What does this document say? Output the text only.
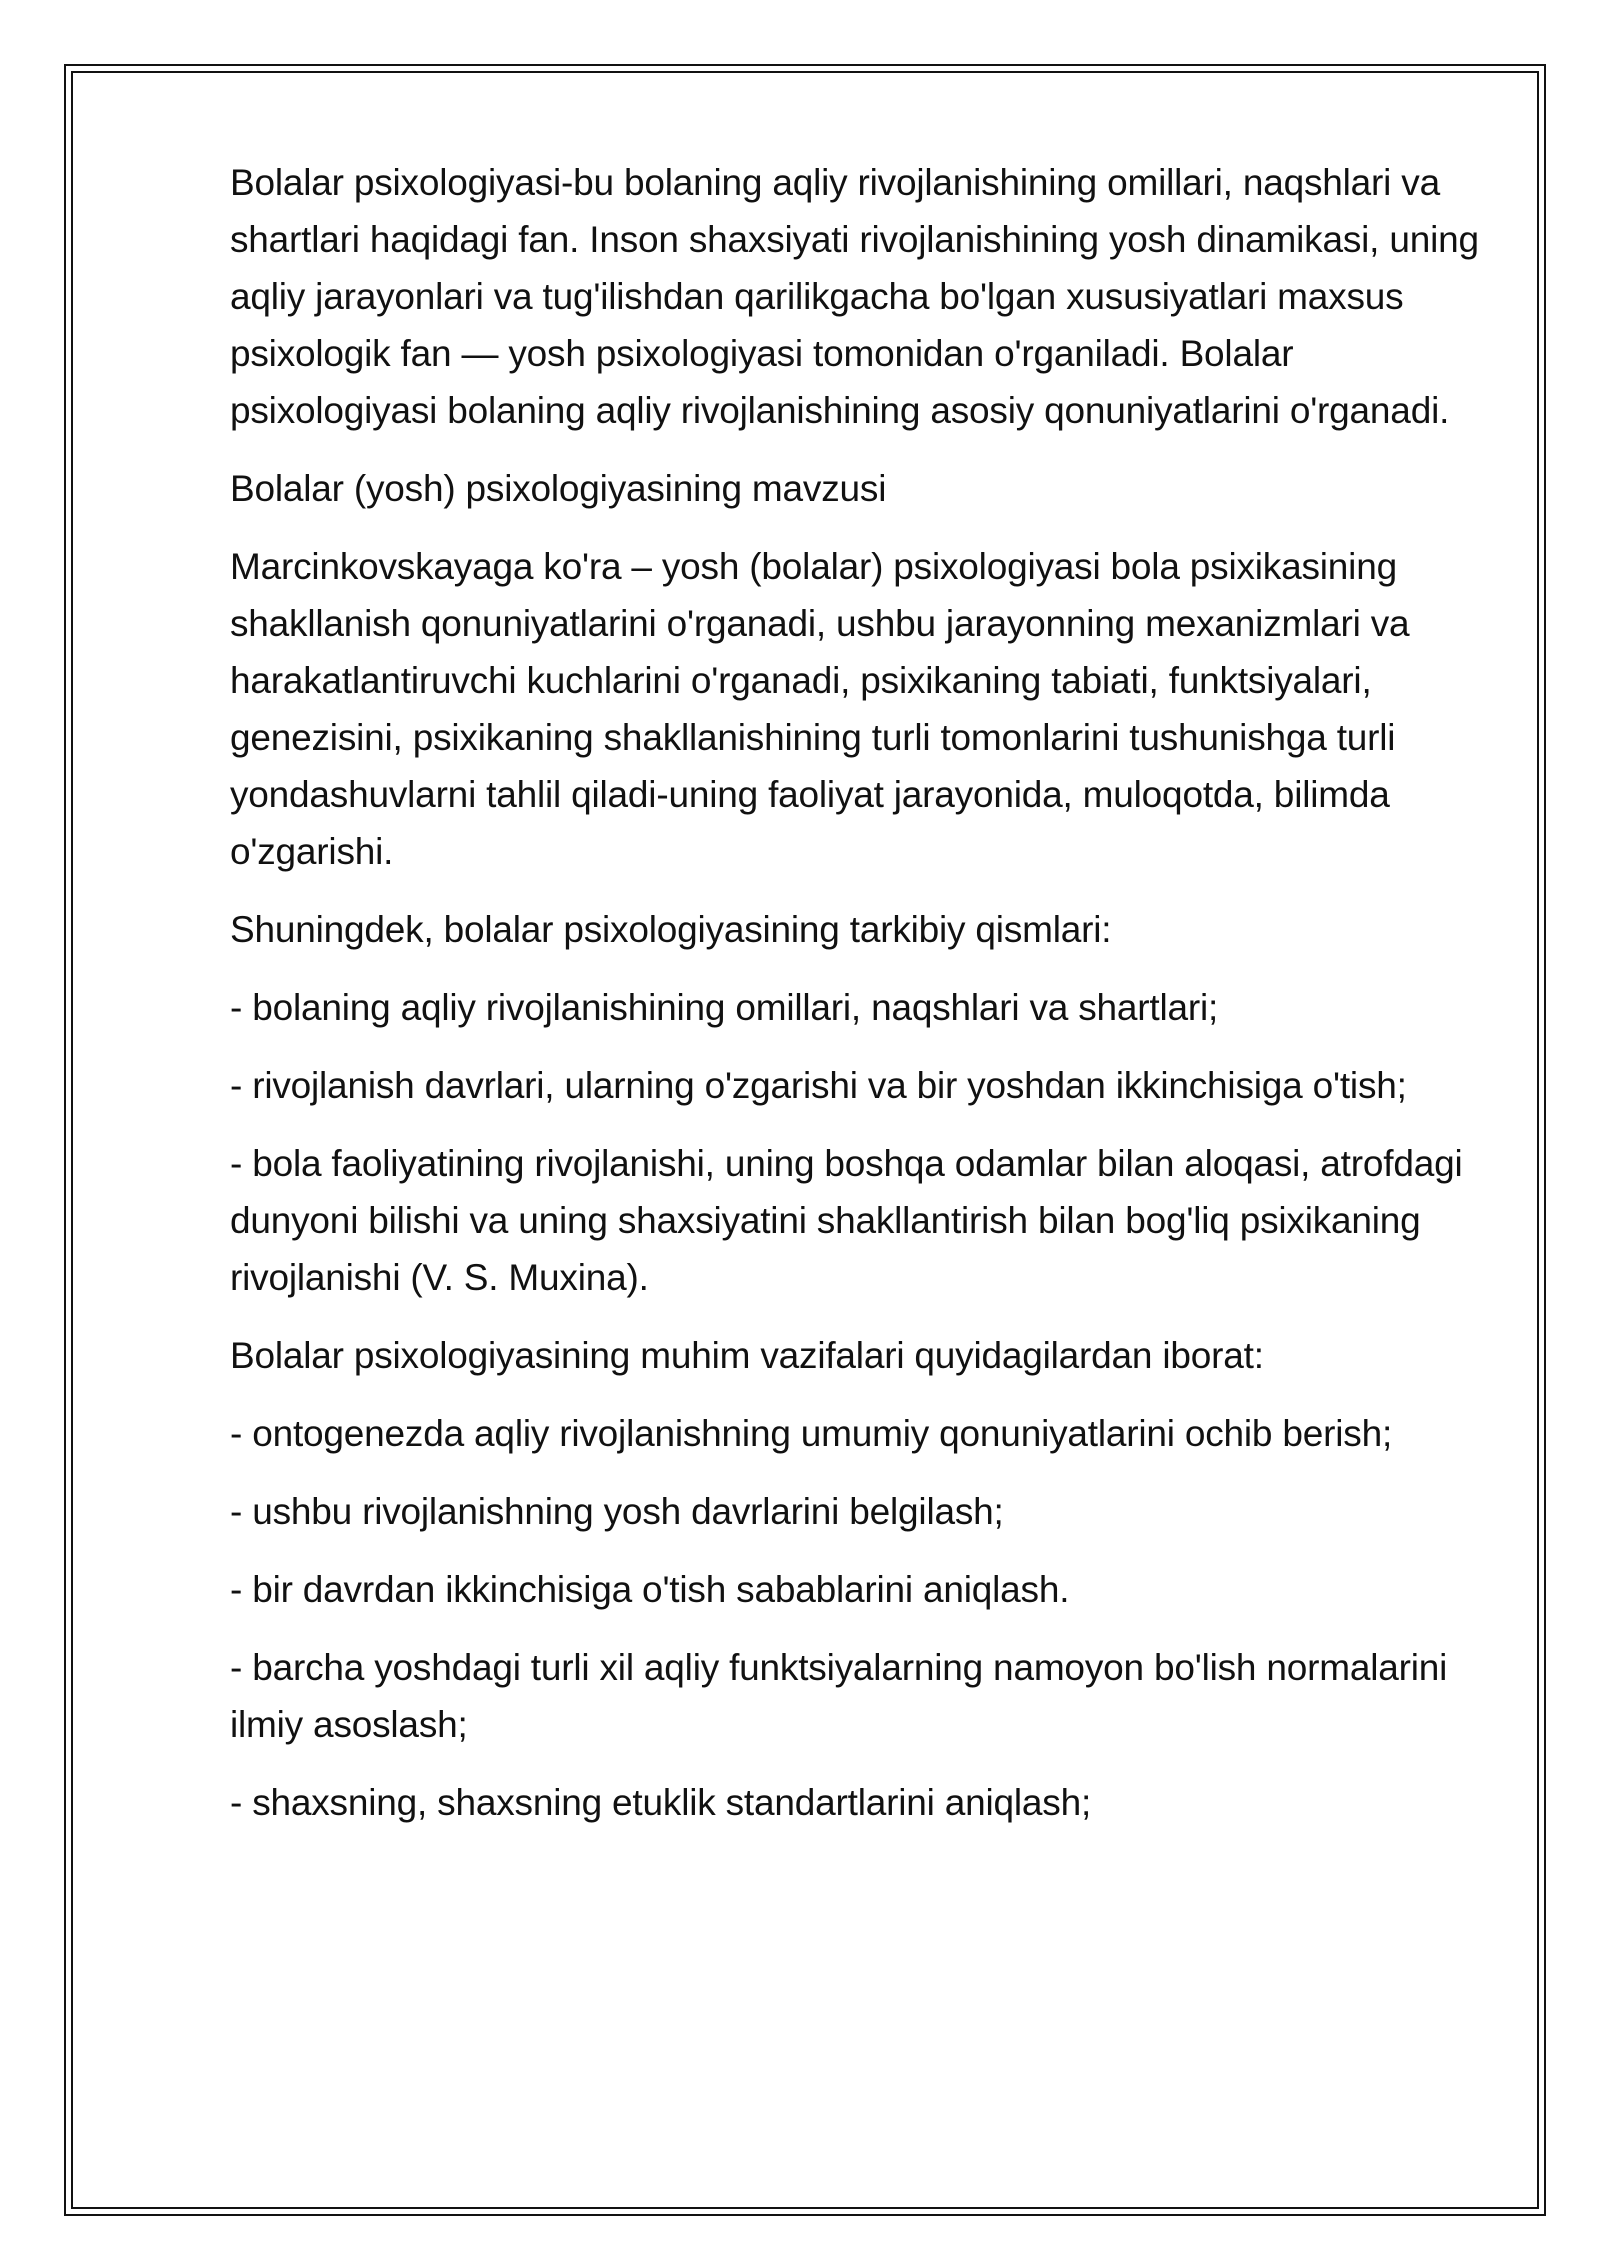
Bolalar psixologiyasi-bu bolaning aqliy rivojlanishining omillari, naqshlari va shartlari haqidagi fan. Inson shaxsiyati rivojlanishining yosh dinamikasi, uning aqliy jarayonlari va tug'ilishdan qarilikgacha bo'lgan xususiyatlari maxsus psixologik fan — yosh psixologiyasi tomonidan o'rganiladi. Bolalar psixologiyasi bolaning aqliy rivojlanishining asosiy qonuniyatlarini o'rganadi.

Bolalar (yosh) psixologiyasining mavzusi

Marcinkovskayaga ko'ra – yosh (bolalar) psixologiyasi bola psixikasining shakllanish qonuniyatlarini o'rganadi, ushbu jarayonning mexanizmlari va harakatlantiruvchi kuchlarini o'rganadi, psixikaning tabiati, funktsiyalari, genezisini, psixikaning shakllanishining turli tomonlarini tushunishga turli yondashuvlarni tahlil qiladi-uning faoliyat jarayonida, muloqotda, bilimda o'zgarishi.

Shuningdek, bolalar psixologiyasining tarkibiy qismlari:

- bolaning aqliy rivojlanishining omillari, naqshlari va shartlari;

- rivojlanish davrlari, ularning o'zgarishi va bir yoshdan ikkinchisiga o'tish;

- bola faoliyatining rivojlanishi, uning boshqa odamlar bilan aloqasi, atrofdagi dunyoni bilishi va uning shaxsiyatini shakllantirish bilan bog'liq psixikaning rivojlanishi (V. S. Muxina).

Bolalar psixologiyasining muhim vazifalari quyidagilardan iborat:

- ontogenezda aqliy rivojlanishning umumiy qonuniyatlarini ochib berish;

- ushbu rivojlanishning yosh davrlarini belgilash;

- bir davrdan ikkinchisiga o'tish sabablarini aniqlash.

- barcha yoshdagi turli xil aqliy funktsiyalarning namoyon bo'lish normalarini ilmiy asoslash;

- shaxsning, shaxsning etuklik standartlarini aniqlash;
